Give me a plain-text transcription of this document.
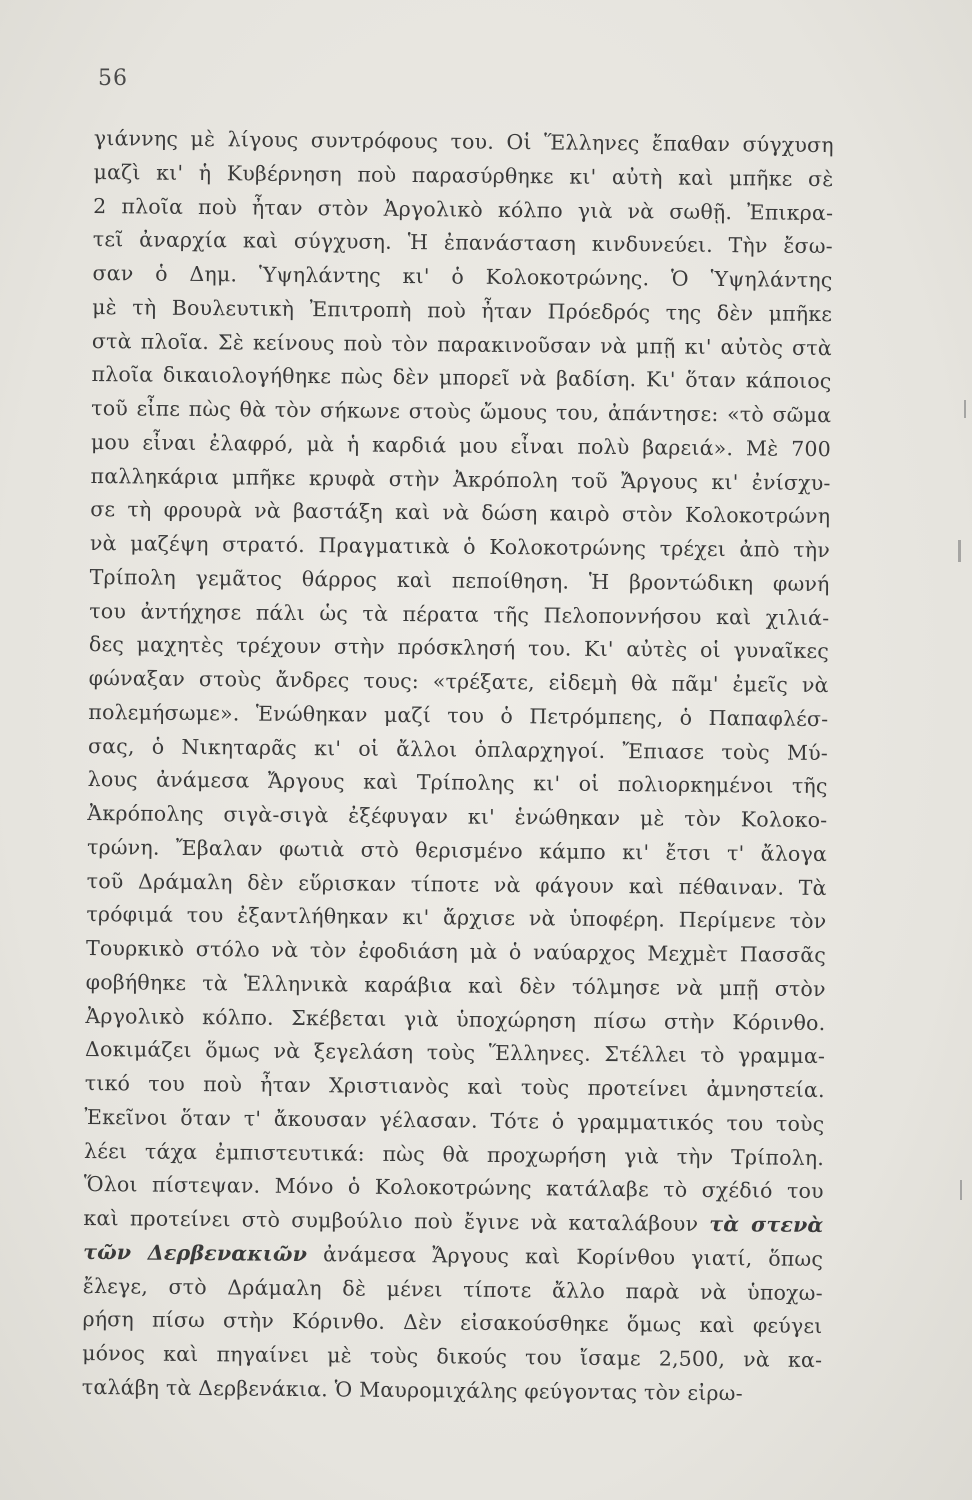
56
γιάννης μὲ λίγους συντρόφους του. Οἱ Ἕλληνες ἔπαθαν σύγχυση
μαζὶ κι' ἡ Κυβέρνηση ποὺ παρασύρθηκε κι' αὐτὴ καὶ μπῆκε σὲ
2 πλοῖα ποὺ ἦταν στὸν Ἀργολικὸ κόλπο γιὰ νὰ σωθῇ. Ἐπικρα-
τεῖ ἀναρχία καὶ σύγχυση. Ἡ ἐπανάσταση κινδυνεύει. Τὴν ἔσω-
σαν ὁ Δημ. Ὑψηλάντης κι' ὁ Κολοκοτρώνης. Ὁ Ὑψηλάντης
μὲ τὴ Βουλευτικὴ Ἐπιτροπὴ ποὺ ἦταν Πρόεδρός της δὲν μπῆκε
στὰ πλοῖα. Σὲ κείνους ποὺ τὸν παρακινοῦσαν νὰ μπῇ κι' αὐτὸς στὰ
πλοῖα δικαιολογήθηκε πὼς δὲν μπορεῖ νὰ βαδίση. Κι' ὅταν κάποιος
τοῦ εἶπε πὼς θὰ τὸν σήκωνε στοὺς ὤμους του, ἀπάντησε: «τὸ σῶμα
μου εἶναι ἐλαφρό, μὰ ἡ καρδιά μου εἶναι πολὺ βαρειά». Μὲ 700
παλληκάρια μπῆκε κρυφὰ στὴν Ἀκρόπολη τοῦ Ἄργους κι' ἐνίσχυ-
σε τὴ φρουρὰ νὰ βαστάξη καὶ νὰ δώση καιρὸ στὸν Κολοκοτρώνη
νὰ μαζέψη στρατό. Πραγματικὰ ὁ Κολοκοτρώνης τρέχει ἀπὸ τὴν
Τρίπολη γεμᾶτος θάρρος καὶ πεποίθηση. Ἡ βροντώδικη φωνή
του ἀντήχησε πάλι ὡς τὰ πέρατα τῆς Πελοποννήσου καὶ χιλιά-
δες μαχητὲς τρέχουν στὴν πρόσκλησή του. Κι' αὐτὲς οἱ γυναῖκες
φώναξαν στοὺς ἄνδρες τους: «τρέξατε, εἰδεμὴ θὰ πᾶμ' ἐμεῖς νὰ
πολεμήσωμε». Ἑνώθηκαν μαζί του ὁ Πετρόμπεης, ὁ Παπαφλέσ-
σας, ὁ Νικηταρᾶς κι' οἱ ἄλλοι ὁπλαρχηγοί. Ἔπιασε τοὺς Μύ-
λους ἀνάμεσα Ἄργους καὶ Τρίπολης κι' οἱ πολιορκημένοι τῆς
Ἀκρόπολης σιγὰ-σιγὰ ἐξέφυγαν κι' ἑνώθηκαν μὲ τὸν Κολοκο-
τρώνη. Ἔβαλαν φωτιὰ στὸ θερισμένο κάμπο κι' ἔτσι τ' ἄλογα
τοῦ Δράμαλη δὲν εὕρισκαν τίποτε νὰ φάγουν καὶ πέθαιναν. Τὰ
τρόφιμά του ἐξαντλήθηκαν κι' ἄρχισε νὰ ὑποφέρη. Περίμενε τὸν
Τουρκικὸ στόλο νὰ τὸν ἐφοδιάση μὰ ὁ ναύαρχος Μεχμὲτ Πασσᾶς
φοβήθηκε τὰ Ἑλληνικὰ καράβια καὶ δὲν τόλμησε νὰ μπῇ στὸν
Ἀργολικὸ κόλπο. Σκέβεται γιὰ ὑποχώρηση πίσω στὴν Κόρινθο.
Δοκιμάζει ὅμως νὰ ξεγελάση τοὺς Ἕλληνες. Στέλλει τὸ γραμμα-
τικό του ποὺ ἦταν Χριστιανὸς καὶ τοὺς προτείνει ἀμνηστεία.
Ἐκεῖνοι ὅταν τ' ἄκουσαν γέλασαν. Τότε ὁ γραμματικός του τοὺς
λέει τάχα ἐμπιστευτικά: πὼς θὰ προχωρήση γιὰ τὴν Τρίπολη.
Ὅλοι πίστεψαν. Μόνο ὁ Κολοκοτρώνης κατάλαβε τὸ σχέδιό του
καὶ προτείνει στὸ συμβούλιο ποὺ ἔγινε νὰ καταλάβουν τὰ στενὰ
τῶν Δερβενακιῶν ἀνάμεσα Ἄργους καὶ Κορίνθου γιατί, ὅπως
ἔλεγε, στὸ Δράμαλη δὲ μένει τίποτε ἄλλο παρὰ νὰ ὑποχω-
ρήση πίσω στὴν Κόρινθο. Δὲν εἰσακούσθηκε ὅμως καὶ φεύγει
μόνος καὶ πηγαίνει μὲ τοὺς δικούς του ἴσαμε 2,500, νὰ κα-
ταλάβη τὰ Δερβενάκια. Ὁ Μαυρομιχάλης φεύγοντας τὸν εἰρω-
